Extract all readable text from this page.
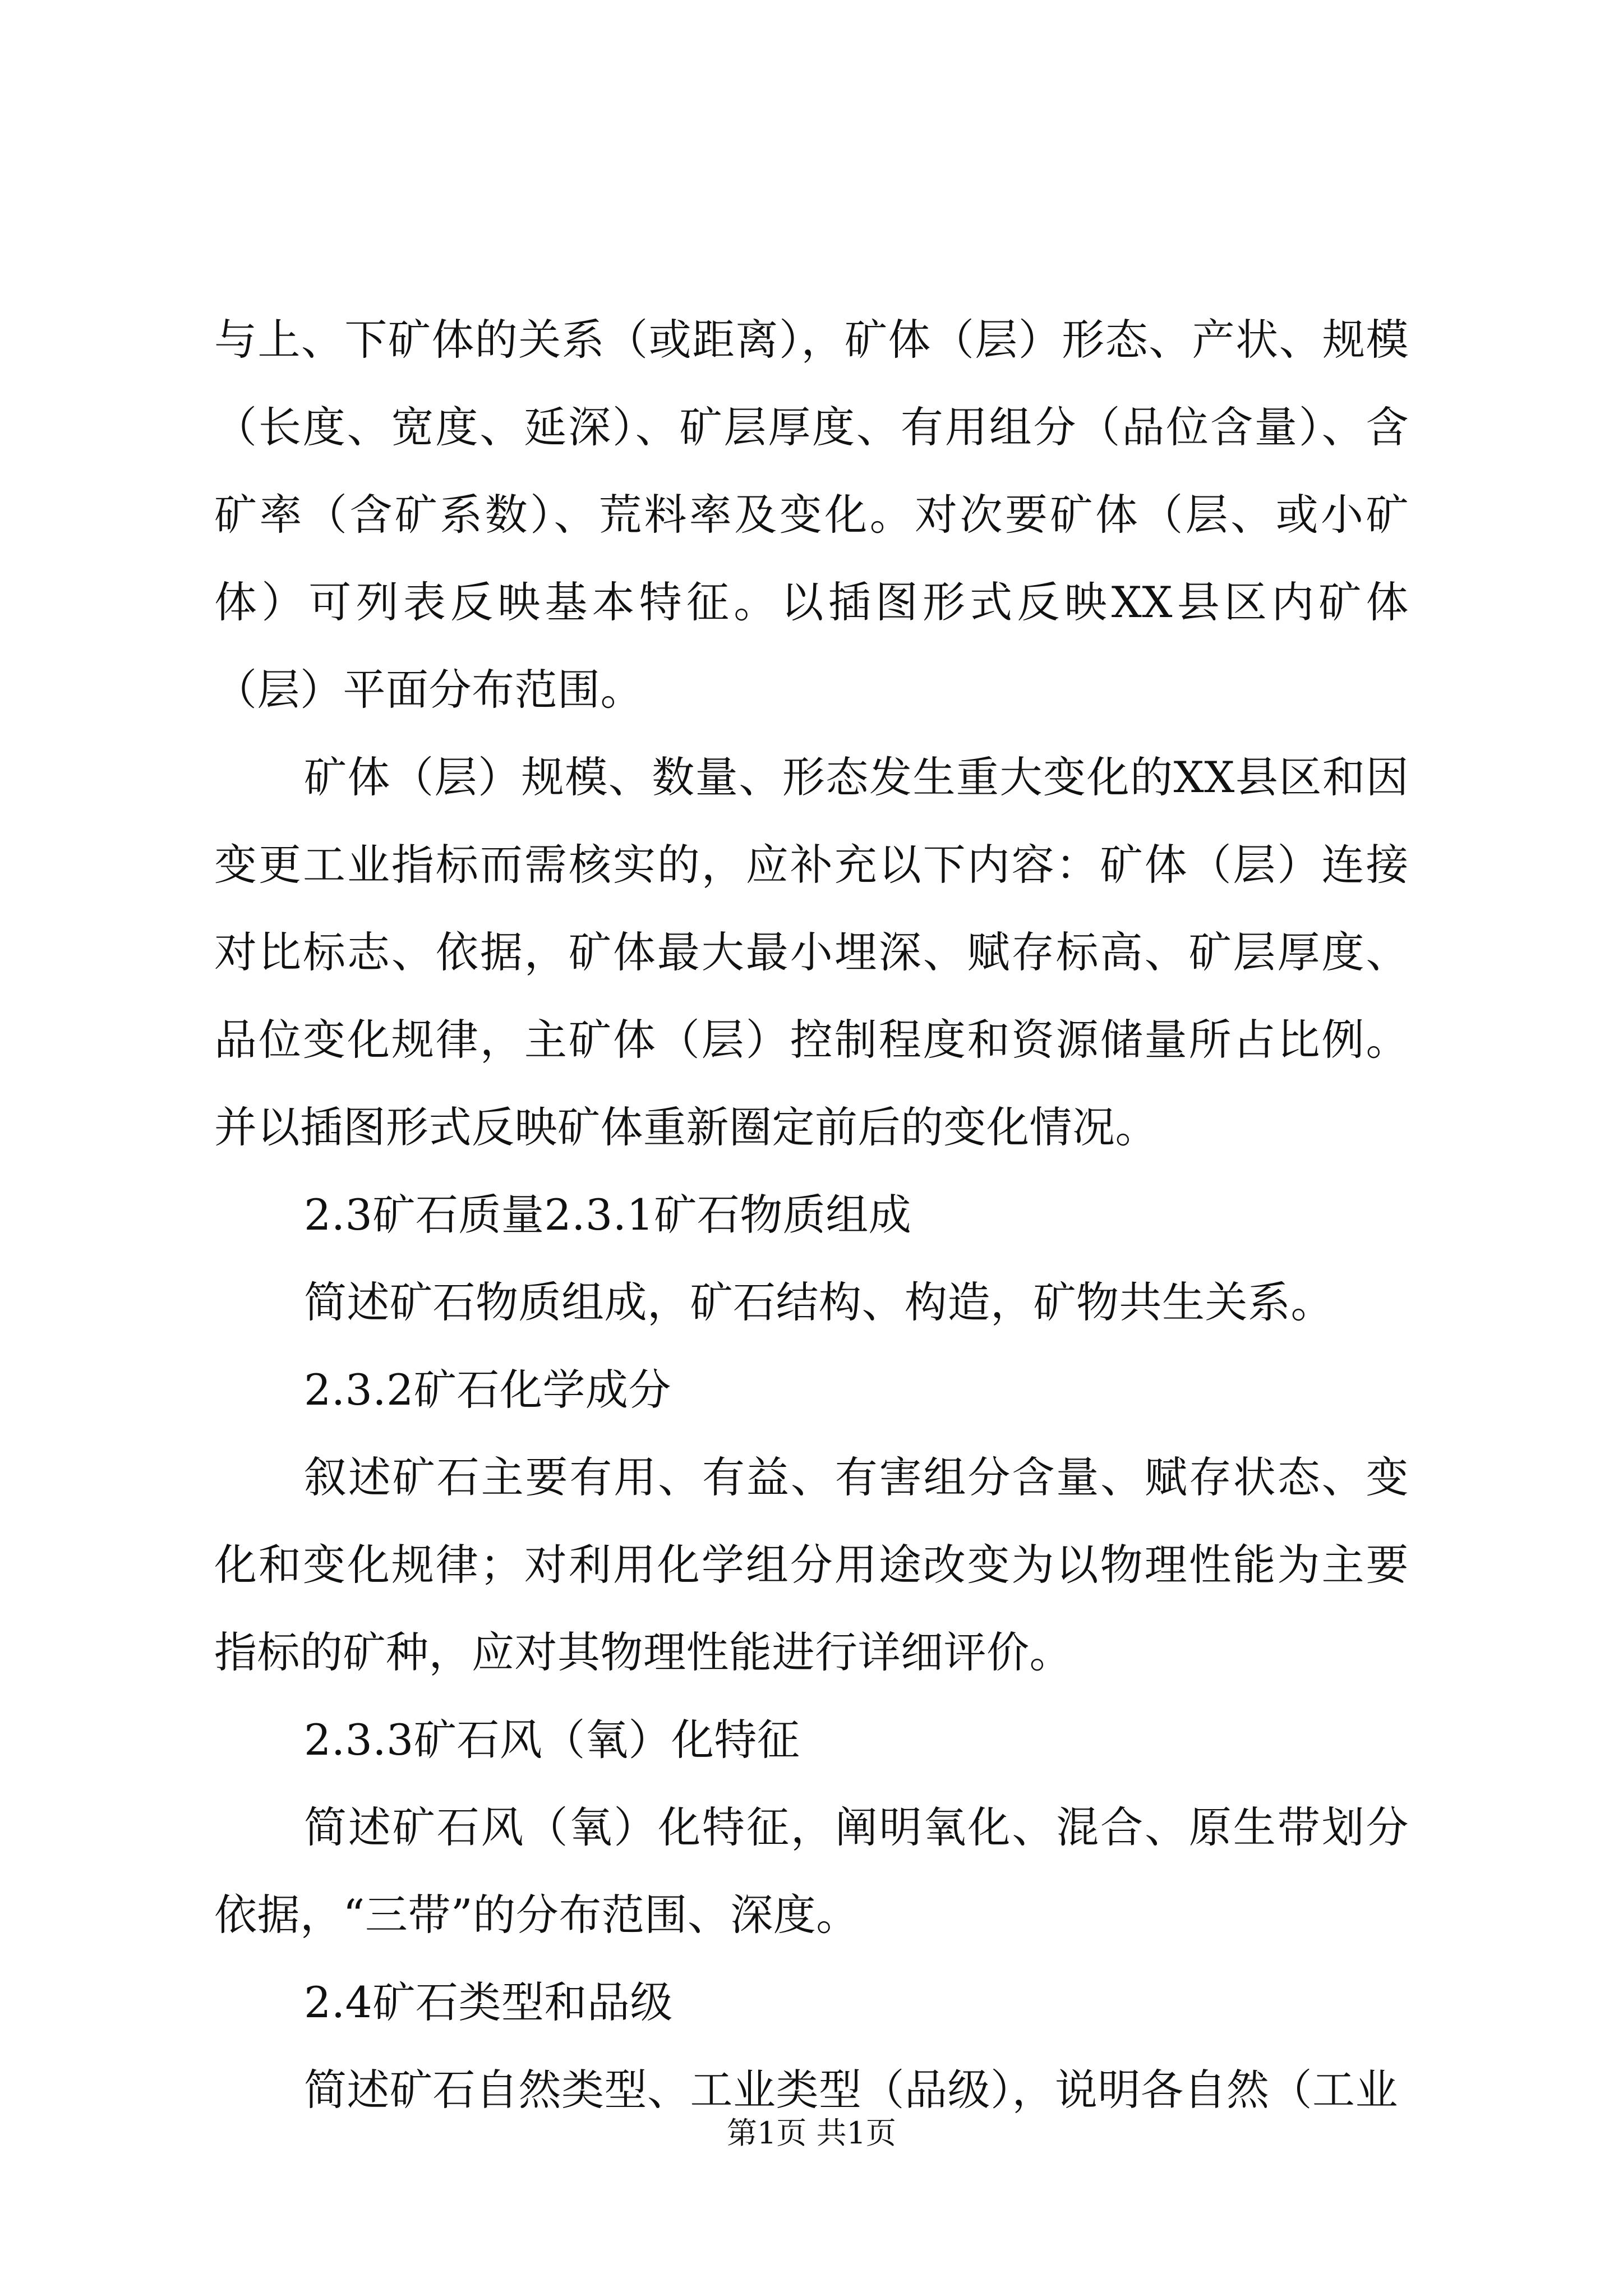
与上、下矿体的关系（或距离），矿体（层）形态、产状、规模（长度、宽度、延深）、矿层厚度、有用组分（品位含量）、含矿率（含矿系数）、荒料率及变化。对次要矿体（层、或小矿体）可列表反映基本特征。以插图形式反映XX县区内矿体（层）平面分布范围。

矿体（层）规模、数量、形态发生重大变化的XX县区和因变更工业指标而需核实的，应补充以下内容：矿体（层）连接对比标志、依据，矿体最大最小埋深、赋存标高、矿层厚度、品位变化规律，主矿体（层）控制程度和资源储量所占比例。并以插图形式反映矿体重新圈定前后的变化情况。

2.3矿石质量2.3.1矿石物质组成

简述矿石物质组成，矿石结构、构造，矿物共生关系。

2.3.2矿石化学成分

叙述矿石主要有用、有益、有害组分含量、赋存状态、变化和变化规律；对利用化学组分用途改变为以物理性能为主要指标的矿种，应对其物理性能进行详细评价。

2.3.3矿石风（氧）化特征

简述矿石风（氧）化特征，阐明氧化、混合、原生带划分依据，“三带”的分布范围、深度。

2.4矿石类型和品级

简述矿石自然类型、工业类型（品级），说明各自然（工业

第1页 共1页
